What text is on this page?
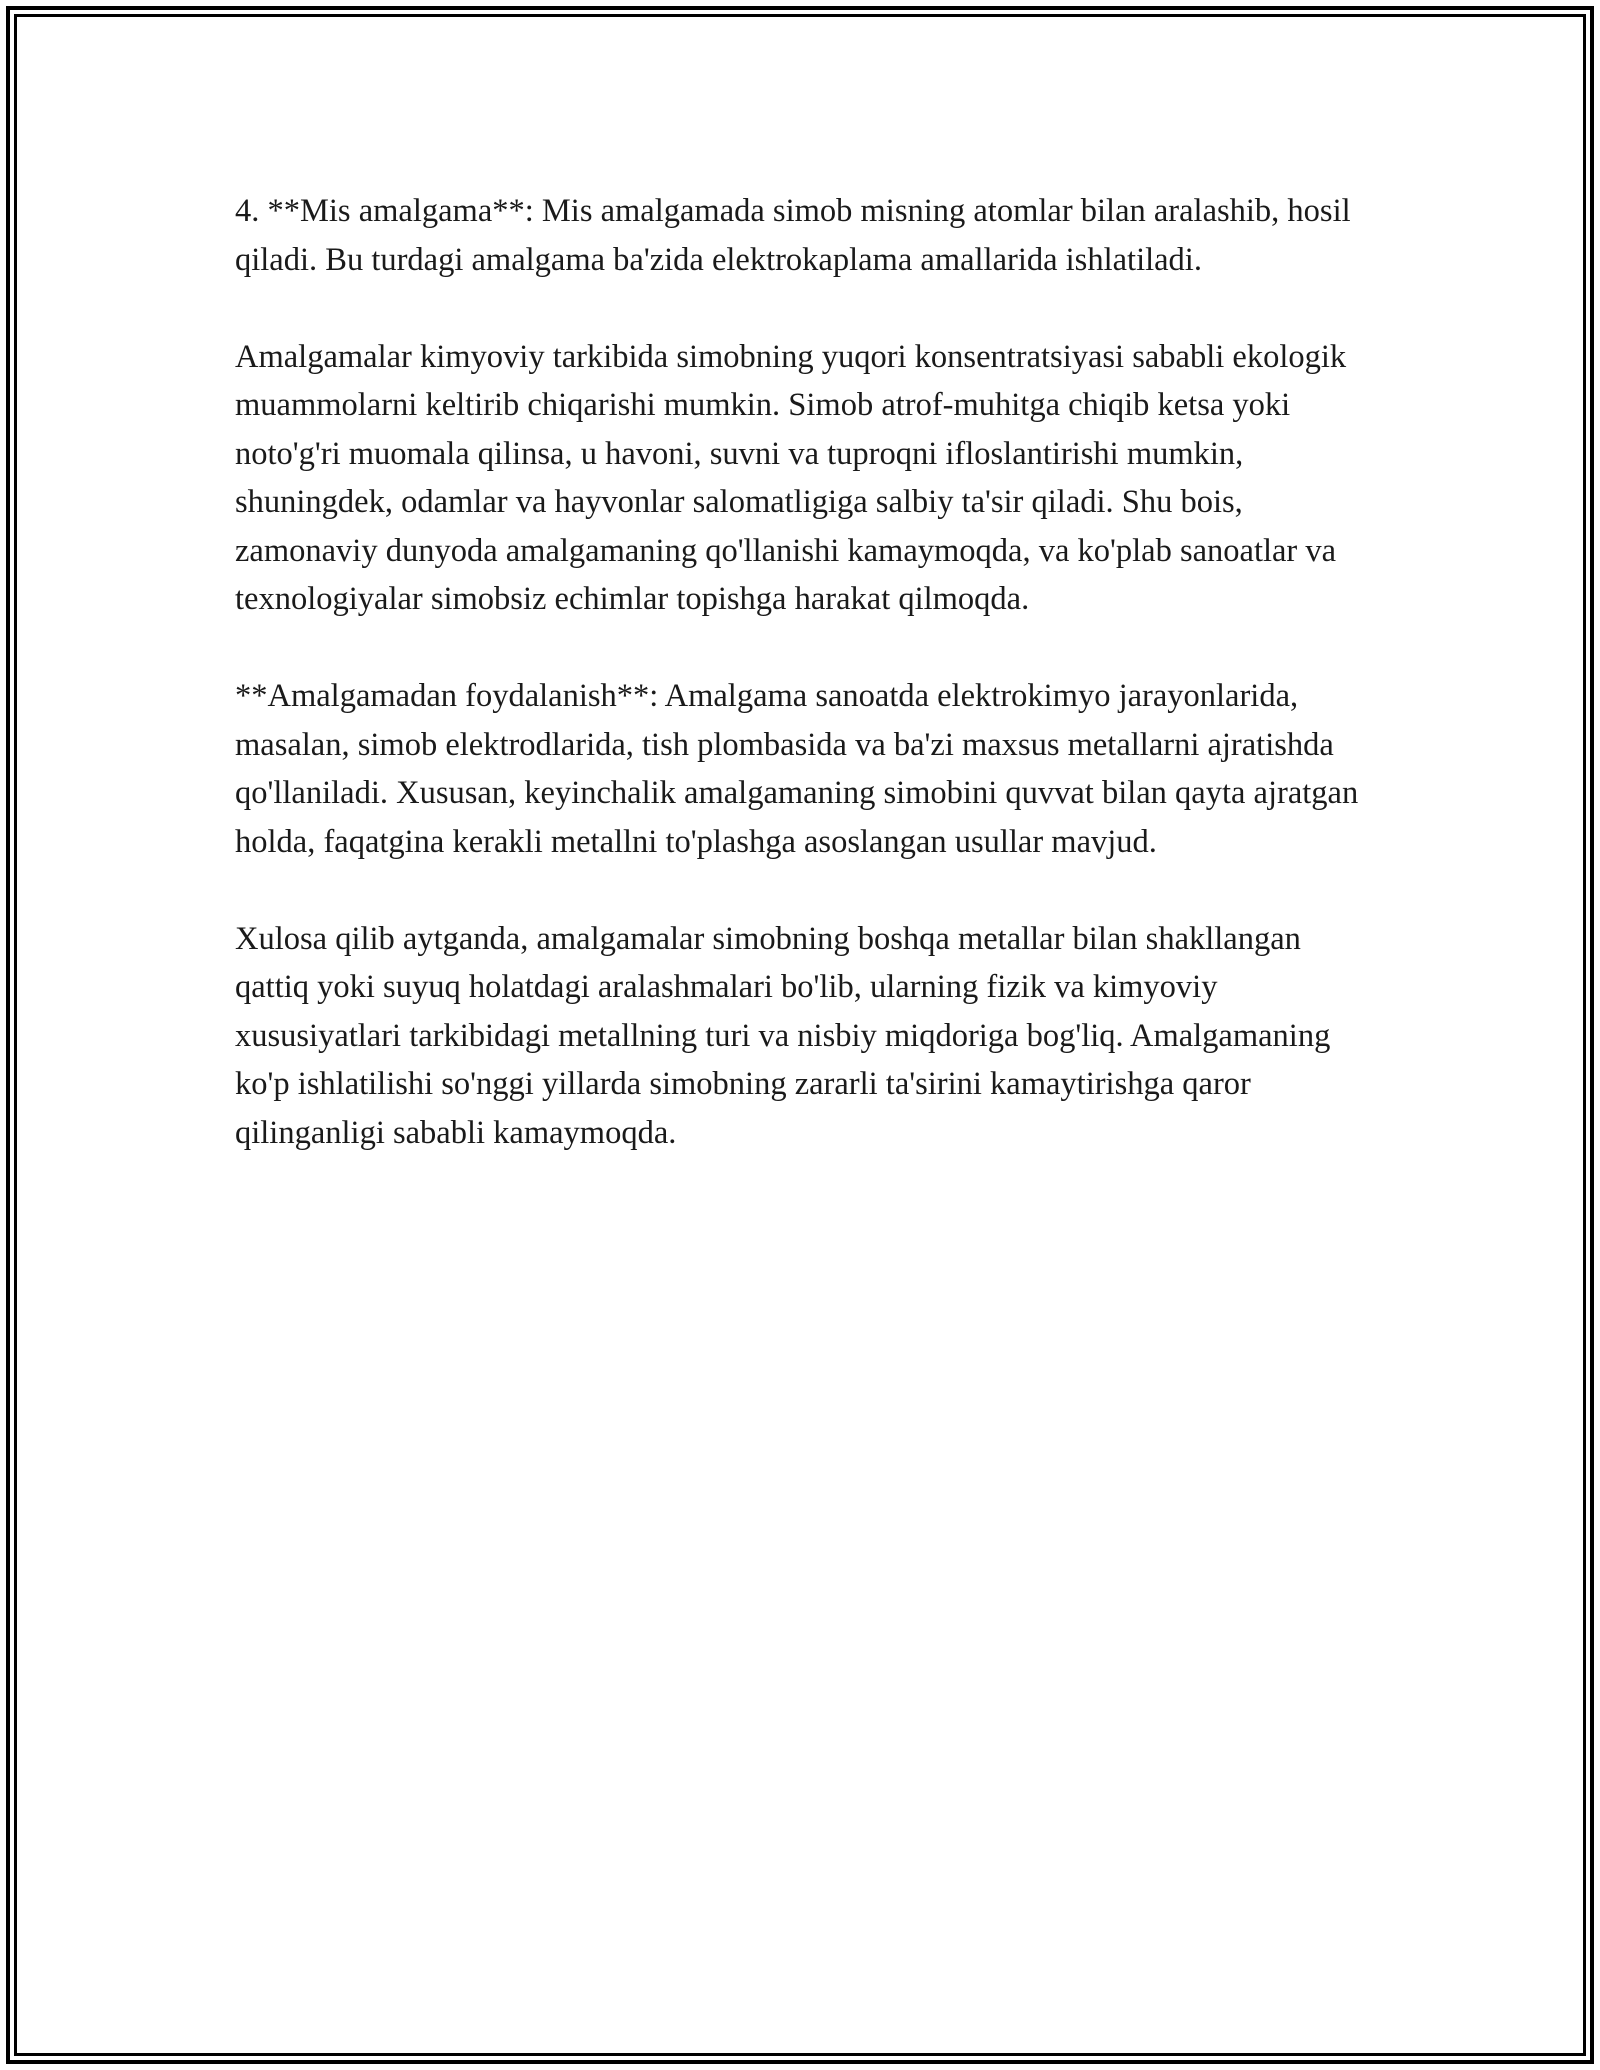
4. **Mis amalgama**: Mis amalgamada simob misning atomlar bilan aralashib, hosil qiladi. Bu turdagi amalgama ba'zida elektrokaplama amallarida ishlatiladi.

Amalgamalar kimyoviy tarkibida simobning yuqori konsentratsiyasi sababli ekologik muammolarni keltirib chiqarishi mumkin. Simob atrof-muhitga chiqib ketsa yoki noto'g'ri muomala qilinsa, u havoni, suvni va tuproqni ifloslantirishi mumkin, shuningdek, odamlar va hayvonlar salomatligiga salbiy ta'sir qiladi. Shu bois, zamonaviy dunyoda amalgamaning qo'llanishi kamaymoqda, va ko'plab sanoatlar va texnologiyalar simobsiz echimlar topishga harakat qilmoqda.

**Amalgamadan foydalanish**: Amalgama sanoatda elektrokimyo jarayonlarida, masalan, simob elektrodlarida, tish plombasida va ba'zi maxsus metallarni ajratishda qo'llaniladi. Xususan, keyinchalik amalgamaning simobini quvvat bilan qayta ajratgan holda, faqatgina kerakli metallni to'plashga asoslangan usullar mavjud.

Xulosa qilib aytganda, amalgamalar simobning boshqa metallar bilan shakllangan qattiq yoki suyuq holatdagi aralashmalari bo'lib, ularning fizik va kimyoviy xususiyatlari tarkibidagi metallning turi va nisbiy miqdoriga bog'liq. Amalgamaning ko'p ishlatilishi so'nggi yillarda simobning zararli ta'sirini kamaytirishga qaror qilinganligi sababli kamaymoqda.
